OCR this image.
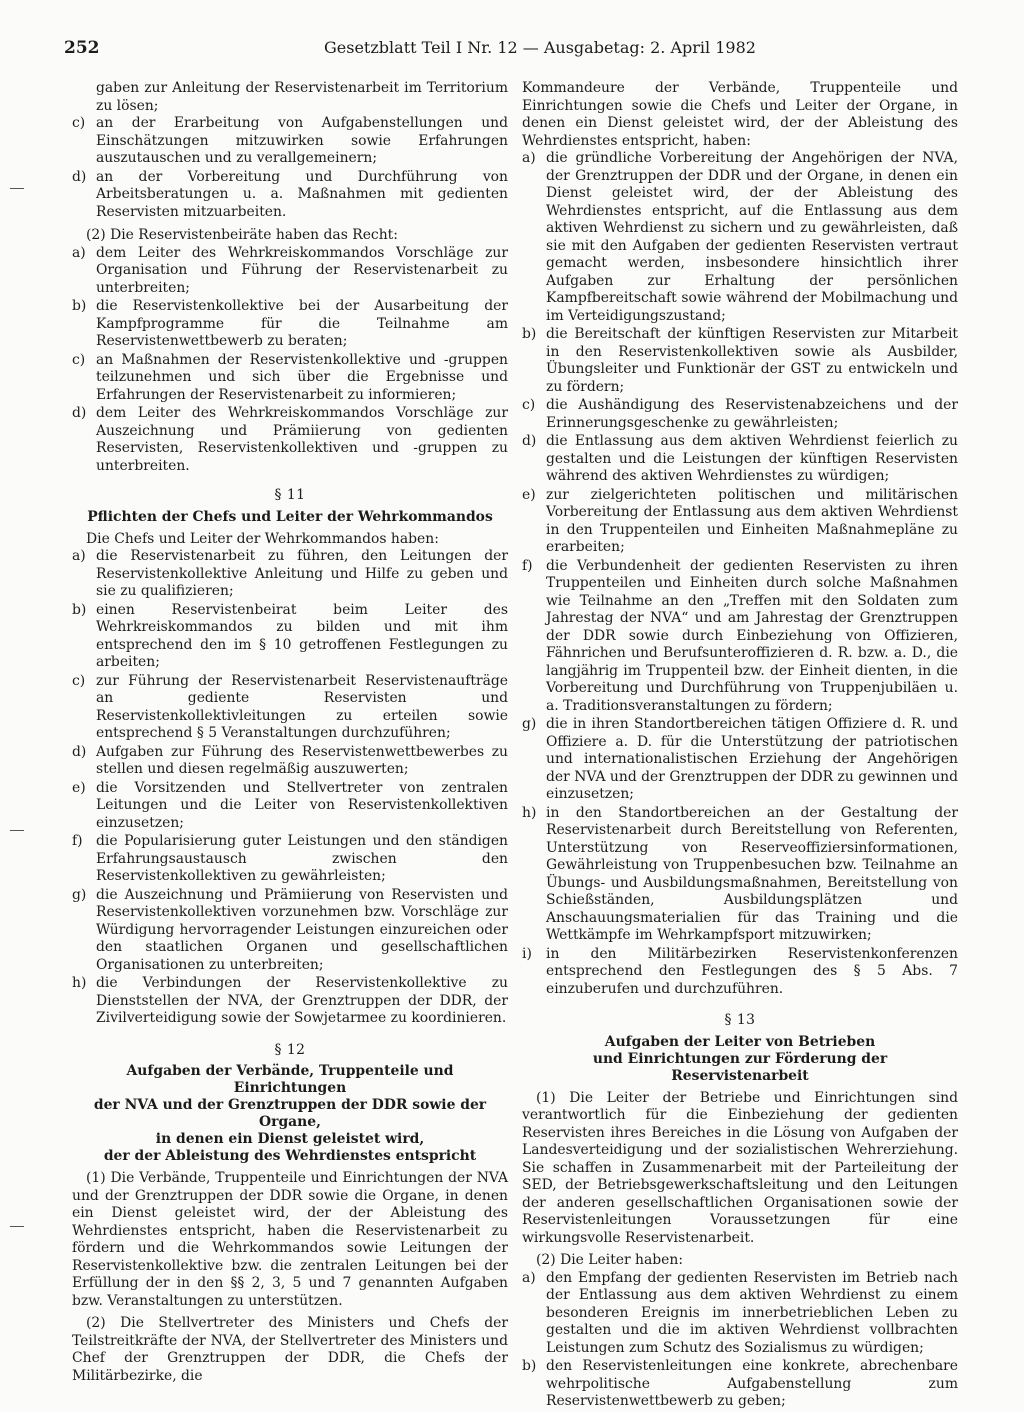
252	Gesetzblatt Teil I Nr. 12 — Ausgabetag: 2. April 1982

gaben zur Anleitung der Reservistenarbeit im Territorium zu lösen;

c) an der Erarbeitung von Aufgabenstellungen und Einschätzungen mitzuwirken sowie Erfahrungen auszutauschen und zu verallgemeinern;
d) an der Vorbereitung und Durchführung von Arbeitsberatungen u. a. Maßnahmen mit gedienten Reservisten mitzuarbeiten.

(2) Die Reservistenbeiräte haben das Recht:

a) dem Leiter des Wehrkreiskommandos Vorschläge zur Organisation und Führung der Reservistenarbeit zu unterbreiten;
b) die Reservistenkollektive bei der Ausarbeitung der Kampfprogramme für die Teilnahme am Reservistenwettbewerb zu beraten;
c) an Maßnahmen der Reservistenkollektive und -gruppen teilzunehmen und sich über die Ergebnisse und Erfahrungen der Reservistenarbeit zu informieren;
d) dem Leiter des Wehrkreiskommandos Vorschläge zur Auszeichnung und Prämiierung von gedienten Reservisten, Reservistenkollektiven und -gruppen zu unterbreiten.
§ 11
Pflichten der Chefs und Leiter der Wehrkommandos

Die Chefs und Leiter der Wehrkommandos haben:

a) die Reservistenarbeit zu führen, den Leitungen der Reservistenkollektive Anleitung und Hilfe zu geben und sie zu qualifizieren;
b) einen Reservistenbeirat beim Leiter des Wehrkreiskommandos zu bilden und mit ihm entsprechend den im § 10 getroffenen Festlegungen zu arbeiten;
c) zur Führung der Reservistenarbeit Reservistenaufträge an gediente Reservisten und Reservistenkollektivleitungen zu erteilen sowie entsprechend § 5 Veranstaltungen durchzuführen;
d) Aufgaben zur Führung des Reservistenwettbewerbes zu stellen und diesen regelmäßig auszuwerten;
e) die Vorsitzenden und Stellvertreter von zentralen Leitungen und die Leiter von Reservistenkollektiven einzusetzen;
f) die Popularisierung guter Leistungen und den ständigen Erfahrungsaustausch zwischen den Reservistenkollektiven zu gewährleisten;
g) die Auszeichnung und Prämiierung von Reservisten und Reservistenkollektiven vorzunehmen bzw. Vorschläge zur Würdigung hervorragender Leistungen einzureichen oder den staatlichen Organen und gesellschaftlichen Organisationen zu unterbreiten;
h) die Verbindungen der Reservistenkollektive zu Dienststellen der NVA, der Grenztruppen der DDR, der Zivilverteidigung sowie der Sowjetarmee zu koordinieren.
§ 12
Aufgaben der Verbände, Truppenteile und Einrichtungen
der NVA und der Grenztruppen der DDR sowie der Organe,
in denen ein Dienst geleistet wird,
der der Ableistung des Wehrdienstes entspricht

(1) Die Verbände, Truppenteile und Einrichtungen der NVA und der Grenztruppen der DDR sowie die Organe, in denen ein Dienst geleistet wird, der der Ableistung des Wehrdienstes entspricht, haben die Reservistenarbeit zu fördern und die Wehrkommandos sowie Leitungen der Reservistenkollektive bzw. die zentralen Leitungen bei der Erfüllung der in den §§ 2, 3, 5 und 7 genannten Aufgaben bzw. Veranstaltungen zu unterstützen.

(2) Die Stellvertreter des Ministers und Chefs der Teilstreitkräfte der NVA, der Stellvertreter des Ministers und Chef der Grenztruppen der DDR, die Chefs der Militärbezirke, die

Kommandeure der Verbände, Truppenteile und Einrichtungen sowie die Chefs und Leiter der Organe, in denen ein Dienst geleistet wird, der der Ableistung des Wehrdienstes entspricht, haben:

a) die gründliche Vorbereitung der Angehörigen der NVA, der Grenztruppen der DDR und der Organe, in denen ein Dienst geleistet wird, der der Ableistung des Wehrdienstes entspricht, auf die Entlassung aus dem aktiven Wehrdienst zu sichern und zu gewährleisten, daß sie mit den Aufgaben der gedienten Reservisten vertraut gemacht werden, insbesondere hinsichtlich ihrer Aufgaben zur Erhaltung der persönlichen Kampfbereitschaft sowie während der Mobilmachung und im Verteidigungszustand;
b) die Bereitschaft der künftigen Reservisten zur Mitarbeit in den Reservistenkollektiven sowie als Ausbilder, Übungsleiter und Funktionär der GST zu entwickeln und zu fördern;
c) die Aushändigung des Reservistenabzeichens und der Erinnerungsgeschenke zu gewährleisten;
d) die Entlassung aus dem aktiven Wehrdienst feierlich zu gestalten und die Leistungen der künftigen Reservisten während des aktiven Wehrdienstes zu würdigen;
e) zur zielgerichteten politischen und militärischen Vorbereitung der Entlassung aus dem aktiven Wehrdienst in den Truppenteilen und Einheiten Maßnahmepläne zu erarbeiten;
f) die Verbundenheit der gedienten Reservisten zu ihren Truppenteilen und Einheiten durch solche Maßnahmen wie Teilnahme an den „Treffen mit den Soldaten zum Jahrestag der NVA“ und am Jahrestag der Grenztruppen der DDR sowie durch Einbeziehung von Offizieren, Fähnrichen und Berufsunteroffizieren d. R. bzw. a. D., die langjährig im Truppenteil bzw. der Einheit dienten, in die Vorbereitung und Durchführung von Truppenjubiläen u. a. Traditionsveranstaltungen zu fördern;
g) die in ihren Standortbereichen tätigen Offiziere d. R. und Offiziere a. D. für die Unterstützung der patriotischen und internationalistischen Erziehung der Angehörigen der NVA und der Grenztruppen der DDR zu gewinnen und einzusetzen;
h) in den Standortbereichen an der Gestaltung der Reservistenarbeit durch Bereitstellung von Referenten, Unterstützung von Reserveoffiziersinformationen, Gewährleistung von Truppenbesuchen bzw. Teilnahme an Übungs- und Ausbildungsmaßnahmen, Bereitstellung von Schießständen, Ausbildungsplätzen und Anschauungsmaterialien für das Training und die Wettkämpfe im Wehrkampfsport mitzuwirken;
i)	in den Militärbezirken Reservistenkonferenzen entsprechend den Festlegungen des § 5 Abs. 7 einzuberufen und durchzuführen.
§ 13
Aufgaben der Leiter von Betrieben
und Einrichtungen zur Förderung der Reservistenarbeit

(1) Die Leiter der Betriebe und Einrichtungen sind verantwortlich für die Einbeziehung der gedienten Reservisten ihres Bereiches in die Lösung von Aufgaben der Landesverteidigung und der sozialistischen Wehrerziehung. Sie schaffen in Zusammenarbeit mit der Parteileitung der SED, der Betriebsgewerkschaftsleitung und den Leitungen der anderen gesellschaftlichen Organisationen sowie der Reservistenleitungen Voraussetzungen für eine wirkungsvolle Reservistenarbeit.

(2) Die Leiter haben:

a) den Empfang der gedienten Reservisten im Betrieb nach der Entlassung aus dem aktiven Wehrdienst zu einem besonderen Ereignis im innerbetrieblichen Leben zu gestalten und die im aktiven Wehrdienst vollbrachten Leistungen zum Schutz des Sozialismus zu würdigen;
b) den Reservistenleitungen eine konkrete, abrechenbare wehrpolitische Aufgabenstellung zum Reservistenwettbewerb zu geben;
